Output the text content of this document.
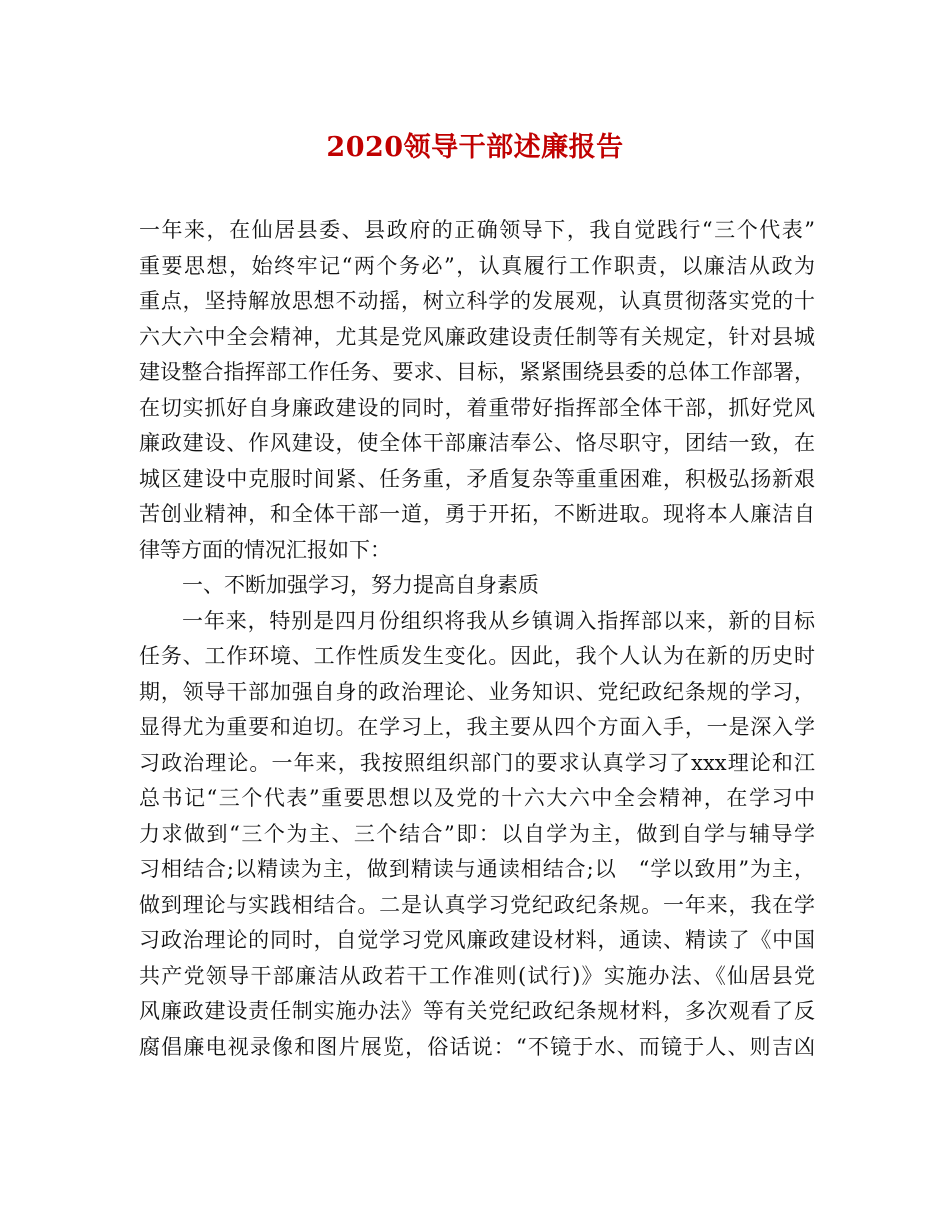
2020领导干部述廉报告
一年来，在仙居县委、县政府的正确领导下，我自觉践行“三个代表”
重要思想，始终牢记“两个务必”，认真履行工作职责，以廉洁从政为
重点，坚持解放思想不动摇，树立科学的发展观，认真贯彻落实党的十
六大六中全会精神，尤其是党风廉政建设责任制等有关规定，针对县城
建设整合指挥部工作任务、要求、目标，紧紧围绕县委的总体工作部署，
在切实抓好自身廉政建设的同时，着重带好指挥部全体干部，抓好党风
廉政建设、作风建设，使全体干部廉洁奉公、恪尽职守，团结一致，在
城区建设中克服时间紧、任务重，矛盾复杂等重重困难，积极弘扬新艰
苦创业精神，和全体干部一道，勇于开拓，不断进取。现将本人廉洁自
律等方面的情况汇报如下：
一、不断加强学习，努力提高自身素质
一年来，特别是四月份组织将我从乡镇调入指挥部以来，新的目标
任务、工作环境、工作性质发生变化。因此，我个人认为在新的历史时
期，领导干部加强自身的政治理论、业务知识、党纪政纪条规的学习，
显得尤为重要和迫切。在学习上，我主要从四个方面入手，一是深入学
习政治理论。一年来，我按照组织部门的要求认真学习了xxx理论和江
总书记“三个代表”重要思想以及党的十六大六中全会精神，在学习中
力求做到“三个为主、三个结合”即：以自学为主，做到自学与辅导学
习相结合;以精读为主，做到精读与通读相结合;以　“学以致用”为主，
做到理论与实践相结合。二是认真学习党纪政纪条规。一年来，我在学
习政治理论的同时，自觉学习党风廉政建设材料，通读、精读了《中国
共产党领导干部廉洁从政若干工作准则(试行)》实施办法、《仙居县党
风廉政建设责任制实施办法》等有关党纪政纪条规材料，多次观看了反
腐倡廉电视录像和图片展览，俗话说：“不镜于水、而镜于人、则吉凶
